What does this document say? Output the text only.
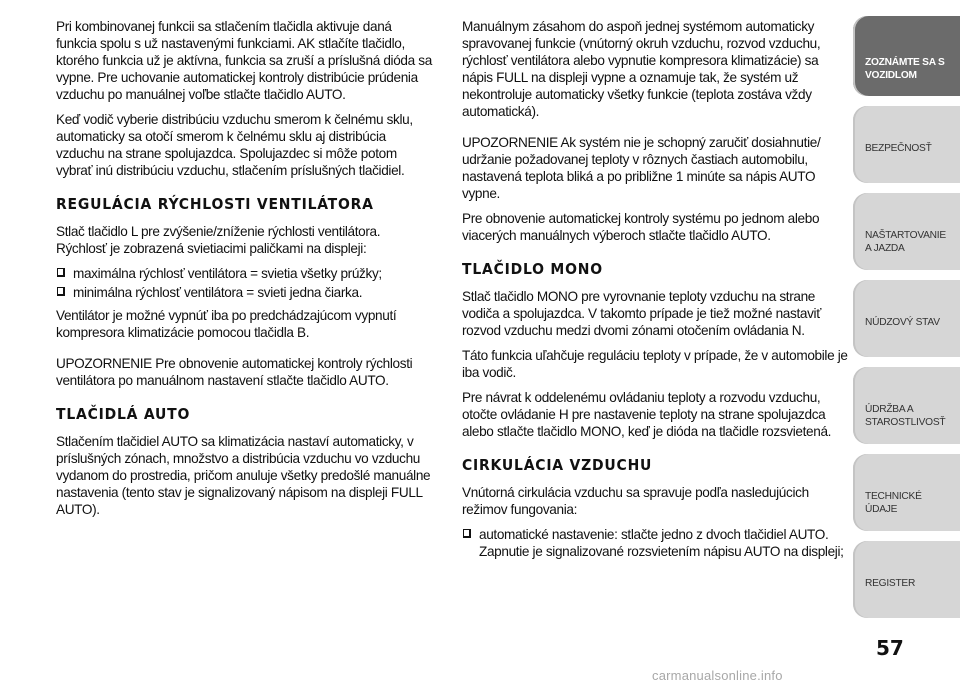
Pri kombinovanej funkcii sa stlačením tlačidla aktivuje daná funkcia spolu s už nastavenými funkciami. AK stlačíte tlačidlo, ktorého funkcia už je aktívna, funkcia sa zruší a príslušná dióda sa vypne. Pre uchovanie automatickej kontroly distribúcie prúdenia vzduchu po manuálnej voľbe stlačte tlačidlo AUTO.

Keď vodič vyberie distribúciu vzduchu smerom k čelnému sklu, automaticky sa otočí smerom k čelnému sklu aj distribúcia vzduchu na strane spolujazdca. Spolujazdec si môže potom vybrať inú distribúciu vzduchu, stlačením príslušných tlačidiel.

REGULÁCIA RÝCHLOSTI VENTILÁTORA

Stlač tlačidlo L pre zvýšenie/zníženie rýchlosti ventilátora. Rýchlosť je zobrazená svietiacimi paličkami na displeji:

maximálna rýchlosť ventilátora = svietia všetky prúžky;
minimálna rýchlosť ventilátora = svieti jedna čiarka.

Ventilátor je možné vypnúť iba po predchádzajúcom vypnutí kompresora klimatizácie pomocou tlačidla B.

UPOZORNENIE Pre obnovenie automatickej kontroly rýchlosti ventilátora po manuálnom nastavení stlačte tlačidlo AUTO.

TLAČIDLÁ AUTO

Stlačením tlačidiel AUTO sa klimatizácia nastaví automaticky, v príslušných zónach, množstvo a distribúcia vzduchu vo vzduchu vydanom do prostredia, pričom anuluje všetky predošlé manuálne nastavenia (tento stav je signalizovaný nápisom na displeji FULL AUTO).

Manuálnym zásahom do aspoň jednej systémom automaticky spravovanej funkcie (vnútorný okruh vzduchu, rozvod vzduchu, rýchlosť ventilátora alebo vypnutie kompresora klimatizácie) sa nápis FULL na displeji vypne a oznamuje tak, že systém už nekontroluje automaticky všetky funkcie (teplota zostáva vždy automatická).

UPOZORNENIE Ak systém nie je schopný zaručiť dosiahnutie/ udržanie požadovanej teploty v rôznych častiach automobilu, nastavená teplota bliká a po približne 1 minúte sa nápis AUTO vypne.

Pre obnovenie automatickej kontroly systému po jednom alebo viacerých manuálnych výberoch stlačte tlačidlo AUTO.

TLAČIDLO MONO

Stlač tlačidlo MONO pre vyrovnanie teploty vzduchu na strane vodiča a spolujazdca. V takomto prípade je tiež možné nastaviť rozvod vzduchu medzi dvomi zónami otočením ovládania N.

Táto funkcia uľahčuje reguláciu teploty v prípade, že v automobile je iba vodič.

Pre návrat k oddelenému ovládaniu teploty a rozvodu vzduchu, otočte ovládanie H pre nastavenie teploty na strane spolujazdca alebo stlačte tlačidlo MONO, keď je dióda na tlačidle rozsvietená.

CIRKULÁCIA VZDUCHU

Vnútorná cirkulácia vzduchu sa spravuje podľa nasledujúcich režimov fungovania:

automatické nastavenie: stlačte jedno z dvoch tlačidiel AUTO. Zapnutie je signalizované rozsvietením nápisu AUTO na displeji;
ZOZNÁMTE SA S VOZIDLOM
BEZPEČNOSŤ
NAŠTARTOVANIE A JAZDA
NÚDZOVÝ STAV
ÚDRŽBA A STAROSTLIVOSŤ
TECHNICKÉ ÚDAJE
REGISTER
57
carmanualsonline.info
